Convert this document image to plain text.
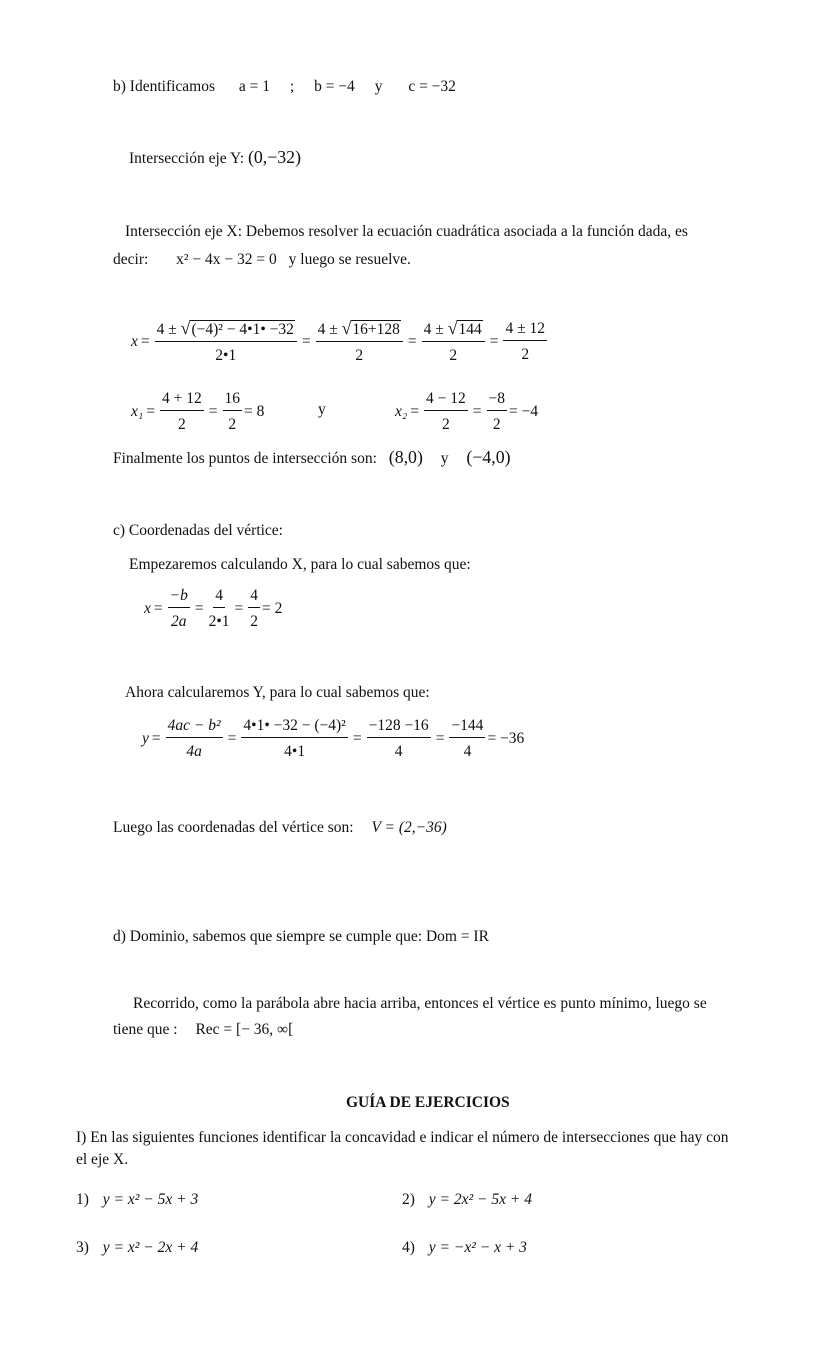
b) Identificamos a = 1 ; b = −4 y c = −32
Intersección eje Y: (0,−32)
Intersección eje X: Debemos resolver la ecuación cuadrática asociada a la función dada, es
decir: x² − 4x − 32 = 0 y luego se resuelve.
$x = \frac{\text{4 ± √ (−4)² − 4•1• −32}}{2•1} = \frac{4 \pm √ 16+128}{2} = \frac{4 \pm √ 144}{2} = \frac{4 \pm 12}{2}$
$x_1 = \frac{4 + 12}{2} = \frac{16}{2} = 8$	y	$x_2 = \frac{4 - 12}{2} = \frac{-8}{2} = -4$
Finalmente los puntos de intersección son: (8,0) y (−4,0)
c) Coordenadas del vértice:
Empezaremos calculando X, para lo cual sabemos que:
$x = \frac{-b}{2a} = \frac{4}{2•1} = \frac{4}{2} = 2$
Ahora calcularemos Y, para lo cual sabemos que:
$y = \frac{\text{4ac − b²}}{4a} = \frac{\text{4•1• −32 − (−4)²}}{4•1} = \frac{-128 -16}{4} = \frac{-144}{4} = -36$
Luego las coordenadas del vértice son: V = (2,−36)
d) Dominio, sabemos que siempre se cumple que: Dom = IR
Recorrido, como la parábola abre hacia arriba, entonces el vértice es punto mínimo, luego se
tiene que : Rec = [− 36, ∞[
GUÍA DE EJERCICIOS
I) En las siguientes funciones identificar la concavidad e indicar el número de intersecciones que hay con el eje X.
1) y = x² − 5x + 3	2) y = 2x² − 5x + 4
3) y = x² − 2x + 4	4) y = −x² − x + 3
